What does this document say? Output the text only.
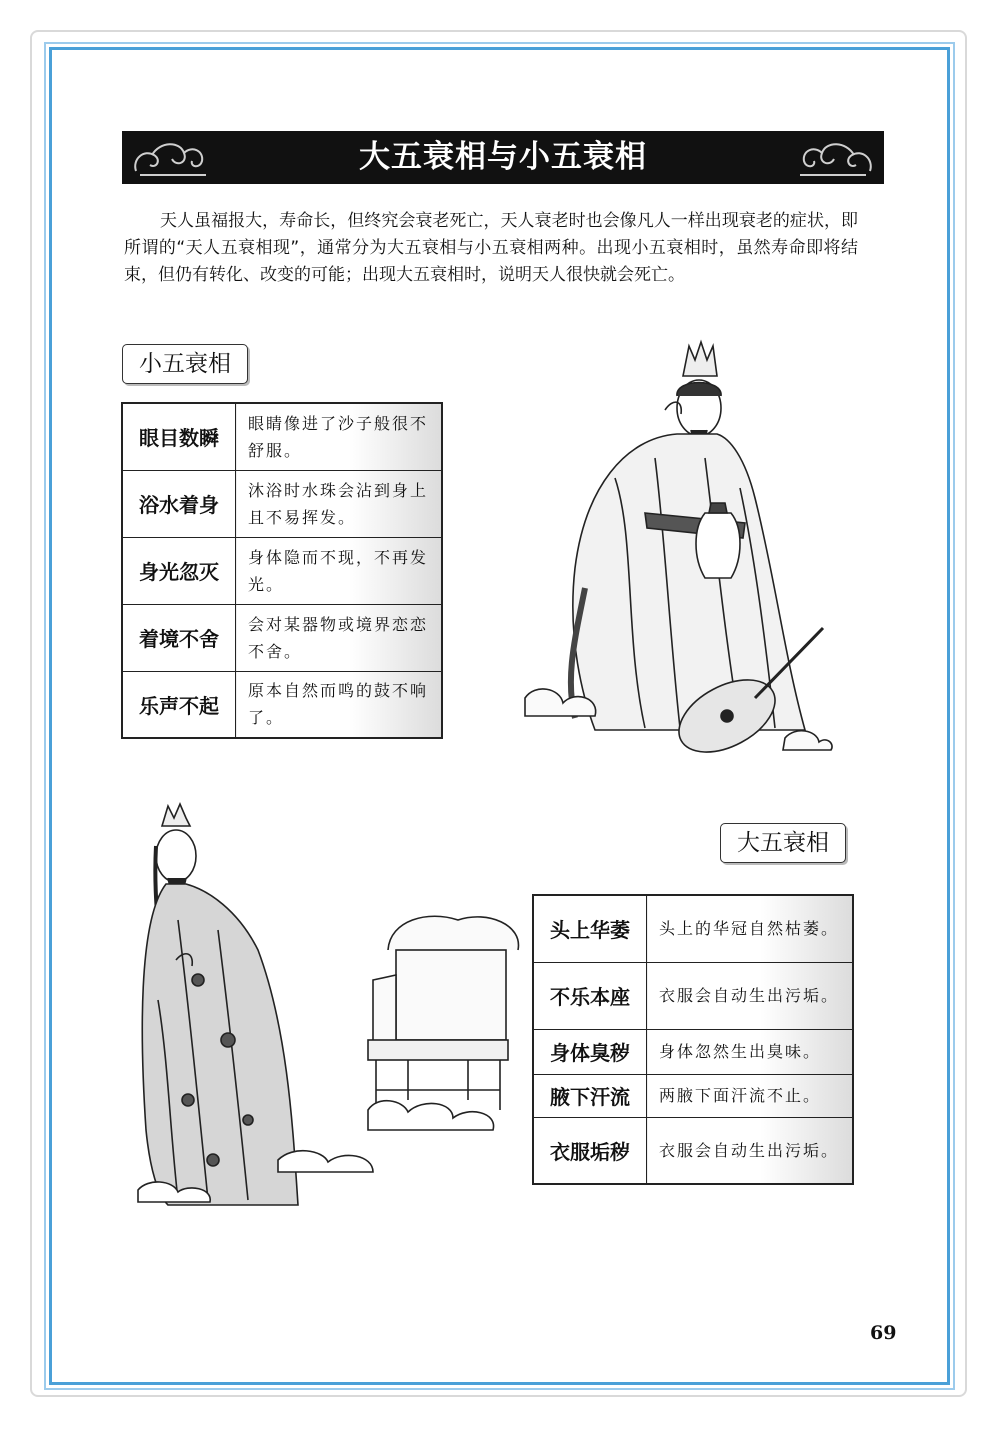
大五衰相与小五衰相

天人虽福报大，寿命长，但终究会衰老死亡，天人衰老时也会像凡人一样出现衰老的症状，即所谓的“天人五衰相现”，通常分为大五衰相与小五衰相两种。出现小五衰相时，虽然寿命即将结束，但仍有转化、改变的可能；出现大五衰相时，说明天人很快就会死亡。

小五衰相
眼目数瞬	眼睛像进了沙子般很不舒服。
浴水着身	沐浴时水珠会沾到身上且不易挥发。
身光忽灭	身体隐而不现，不再发光。
着境不舍	会对某器物或境界恋恋不舍。
乐声不起	原本自然而鸣的鼓不响了。
大五衰相
头上华萎	头上的华冠自然枯萎。
不乐本座	衣服会自动生出污垢。
身体臭秽	身体忽然生出臭味。
腋下汗流	两腋下面汗流不止。
衣服垢秽	衣服会自动生出污垢。
69
